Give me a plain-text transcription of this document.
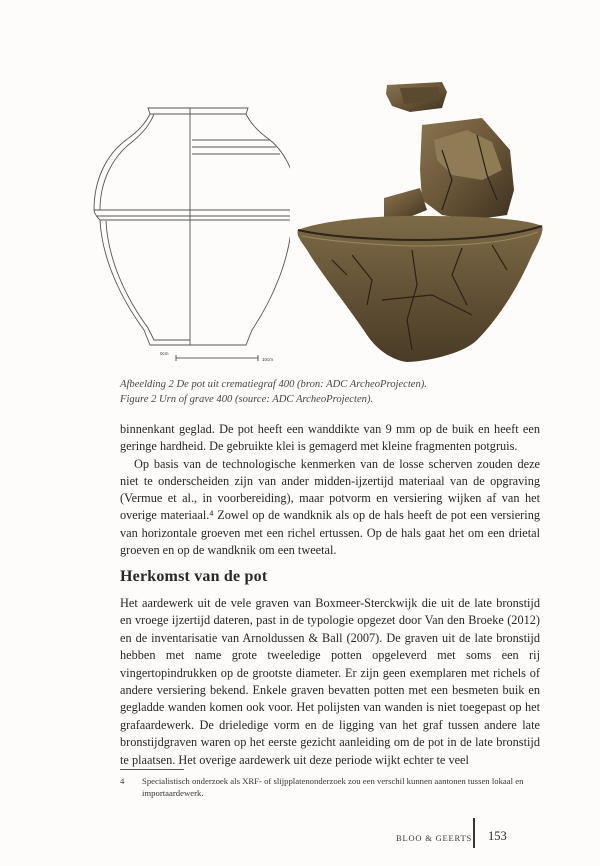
0cm
10cm

Afbeelding 2 De pot uit crematiegraf 400 (bron: ADC ArcheoProjecten).

Figure 2 Urn of grave 400 (source: ADC ArcheoProjecten).

binnenkant geglad. De pot heeft een wanddikte van 9 mm op de buik en heeft een geringe hardheid. De gebruikte klei is gemagerd met kleine fragmenten potgruis.

Op basis van de technologische kenmerken van de losse scherven zouden deze niet te onderscheiden zijn van ander midden-ijzertijd materiaal van de opgraving (Vermue et al., in voorbereiding), maar potvorm en versiering wijken af van het overige materiaal.⁴ Zowel op de wandknik als op de hals heeft de pot een versiering van horizontale groeven met een richel ertussen. Op de hals gaat het om een drietal groeven en op de wandknik om een tweetal.

Herkomst van de pot

Het aardewerk uit de vele graven van Boxmeer-Sterckwijk die uit de late bronstijd en vroege ijzertijd dateren, past in de typologie opgezet door Van den Broeke (2012) en de inventarisatie van Arnoldussen & Ball (2007). De graven uit de late bronstijd hebben met name grote tweeledige potten opgeleverd met soms een rij vingertopindrukken op de grootste diameter. Er zijn geen exemplaren met richels of andere versiering bekend. Enkele graven bevatten potten met een besmeten buik en gegladde wanden komen ook voor. Het polijsten van wanden is niet toegepast op het grafaardewerk. De drieledige vorm en de ligging van het graf tussen andere late bronstijdgraven waren op het eerste gezicht aanleiding om de pot in de late bronstijd te plaatsen. Het overige aardewerk uit deze periode wijkt echter te veel

4 Specialistisch onderzoek als XRF- of slijpplatenonderzoek zou een verschil kunnen aantonen tussen lokaal en importaardewerk.
BLOO & GEERTS 153
